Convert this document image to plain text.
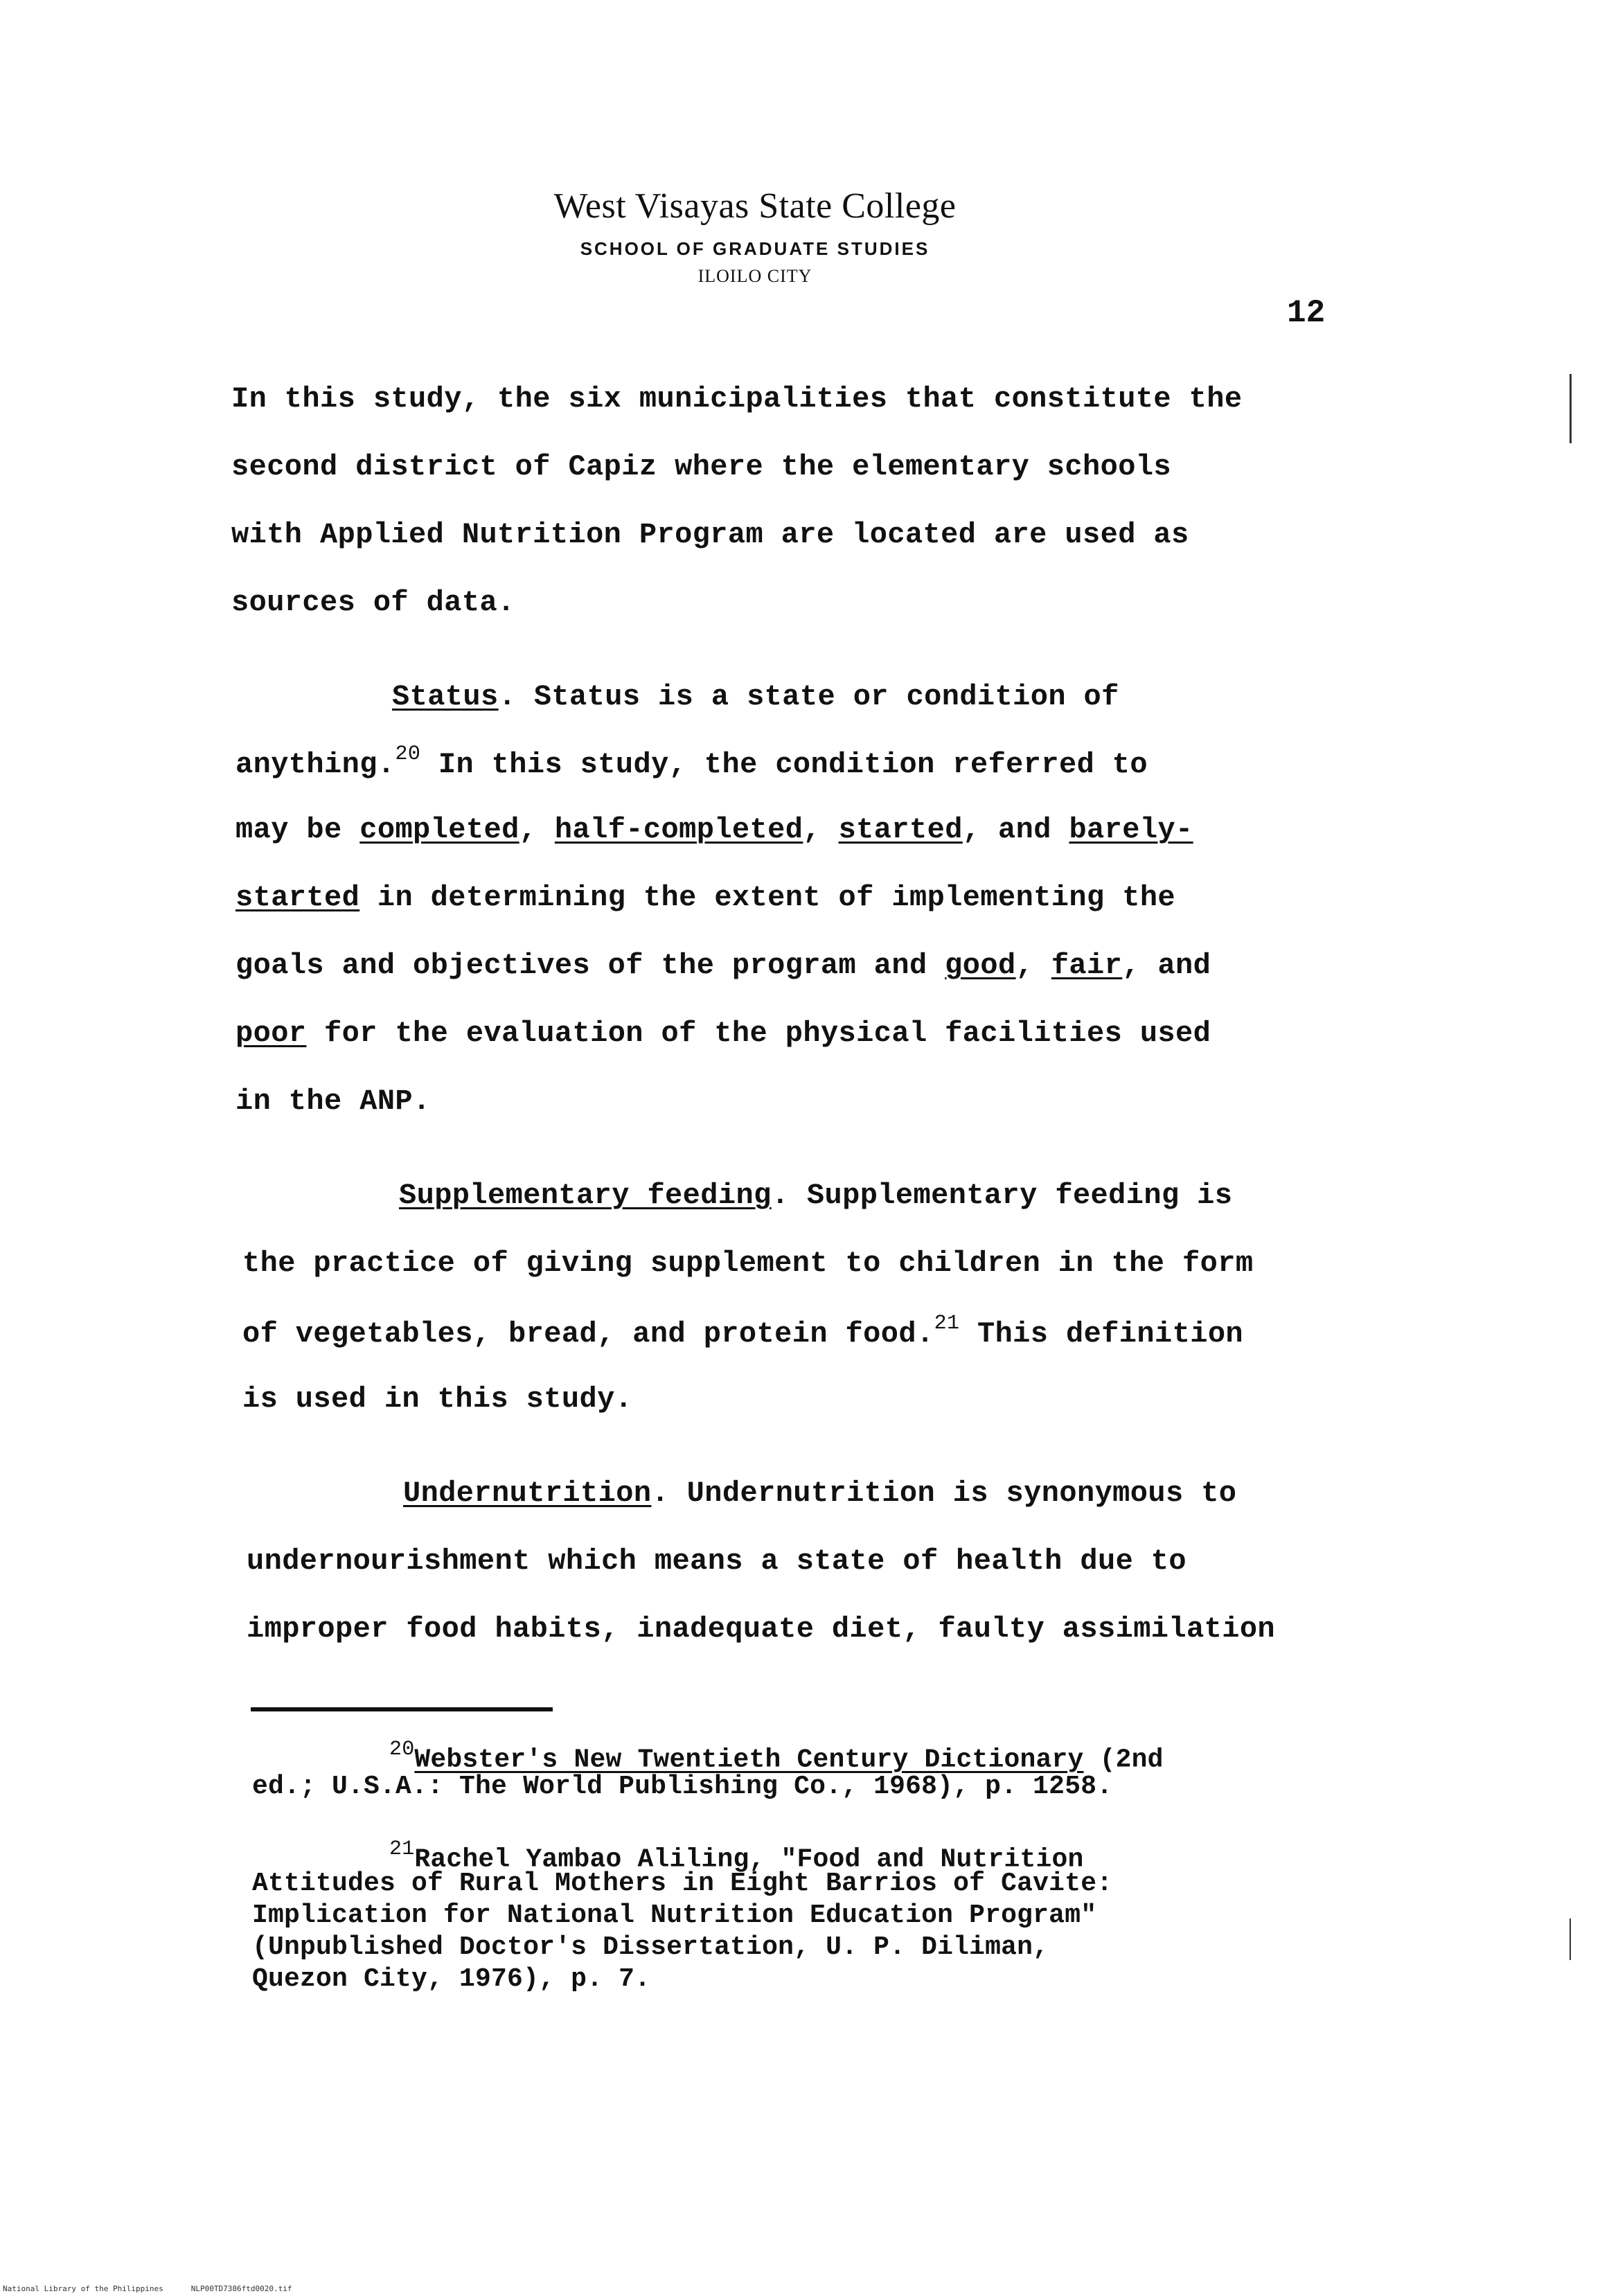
West Visayas State College
SCHOOL OF GRADUATE STUDIES
ILOILO CITY
12
In this study, the six municipalities that constitute the
second district of Capiz where the elementary schools
with Applied Nutrition Program are located are used as
sources of data.
Status. Status is a state or condition of
anything.$^{20}$ In this study, the condition referred to
may be completed, half-completed, started, and barely-
started in determining the extent of implementing the
goals and objectives of the program and good, fair, and
poor for the evaluation of the physical facilities used
in the ANP.
Supplementary feeding. Supplementary feeding is
the practice of giving supplement to children in the form
of vegetables, bread, and protein food.$^{21}$ This definition
is used in this study.
Undernutrition. Undernutrition is synonymous to
undernourishment which means a state of health due to
improper food habits, inadequate diet, faulty assimilation
$^{20}$Webster's New Twentieth Century Dictionary (2nd
ed.; U.S.A.: The World Publishing Co., 1968), p. 1258.
$^{21}$Rachel Yambao Aliling, "Food and Nutrition
Attitudes of Rural Mothers in Eight Barrios of Cavite:
Implication for National Nutrition Education Program"
(Unpublished Doctor's Dissertation, U. P. Diliman,
Quezon City, 1976), p. 7.
National Library of the Philippines	NLP00TD7386ftd0020.tif
